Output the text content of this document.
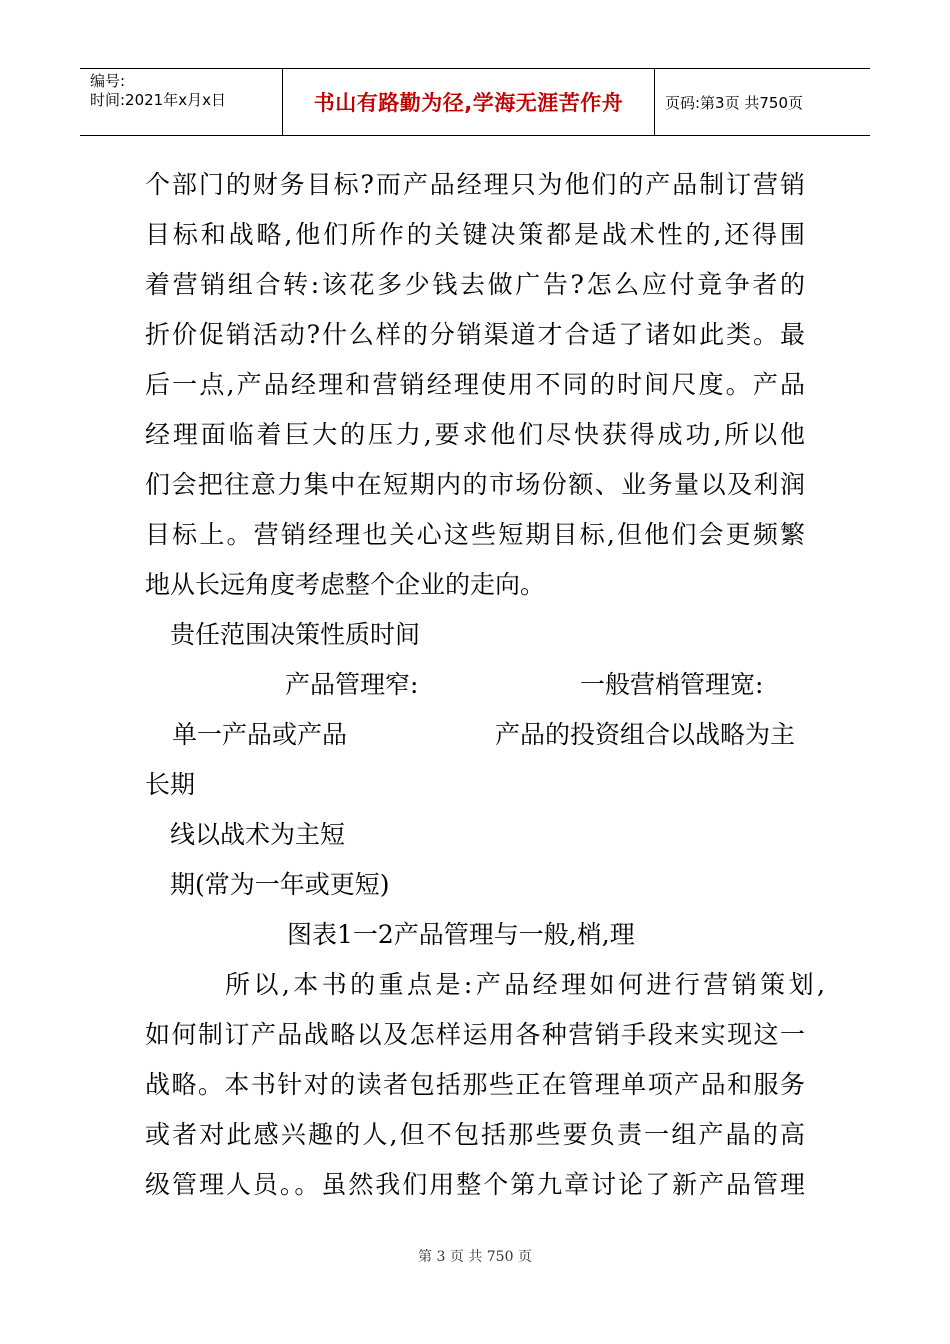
编号:
时间:2021年x月x日	书山有路勤为径,学海无涯苦作舟	页码:第3页 共750页
个部门的财务目标?而产品经理只为他们的产品制订营销
目标和战略,他们所作的关键决策都是战术性的,还得围
着营销组合转:该花多少钱去做广告?怎么应付竟争者的
折价促销活动?什么样的分销渠道才合适了诸如此类。最
后一点,产品经理和营销经理使用不同的时间尺度。产品
经理面临着巨大的压力,要求他们尽快获得成功,所以他
们会把往意力集中在短期内的市场份额、业务量以及利润
目标上。营销经理也关心这些短期目标,但他们会更频繁
地从长远角度考虑整个企业的走向。
贵任范围决策性质时间
产品管理窄:	一般营梢管理宽:
单一产品或产品	产品的投资组合以战略为主
长期
线以战术为主短
期(常为一年或更短)
图表1一2产品管理与一般,梢,理
所以,本书的重点是:产品经理如何进行营销策划,
如何制订产品战略以及怎样运用各种营销手段来实现这一
战略。本书针对的读者包括那些正在管理单项产品和服务
或者对此感兴趣的人,但不包括那些要负责一组产晶的高
级管理人员。。虽然我们用整个第九章讨论了新产品管理
第 3 页 共 750 页
